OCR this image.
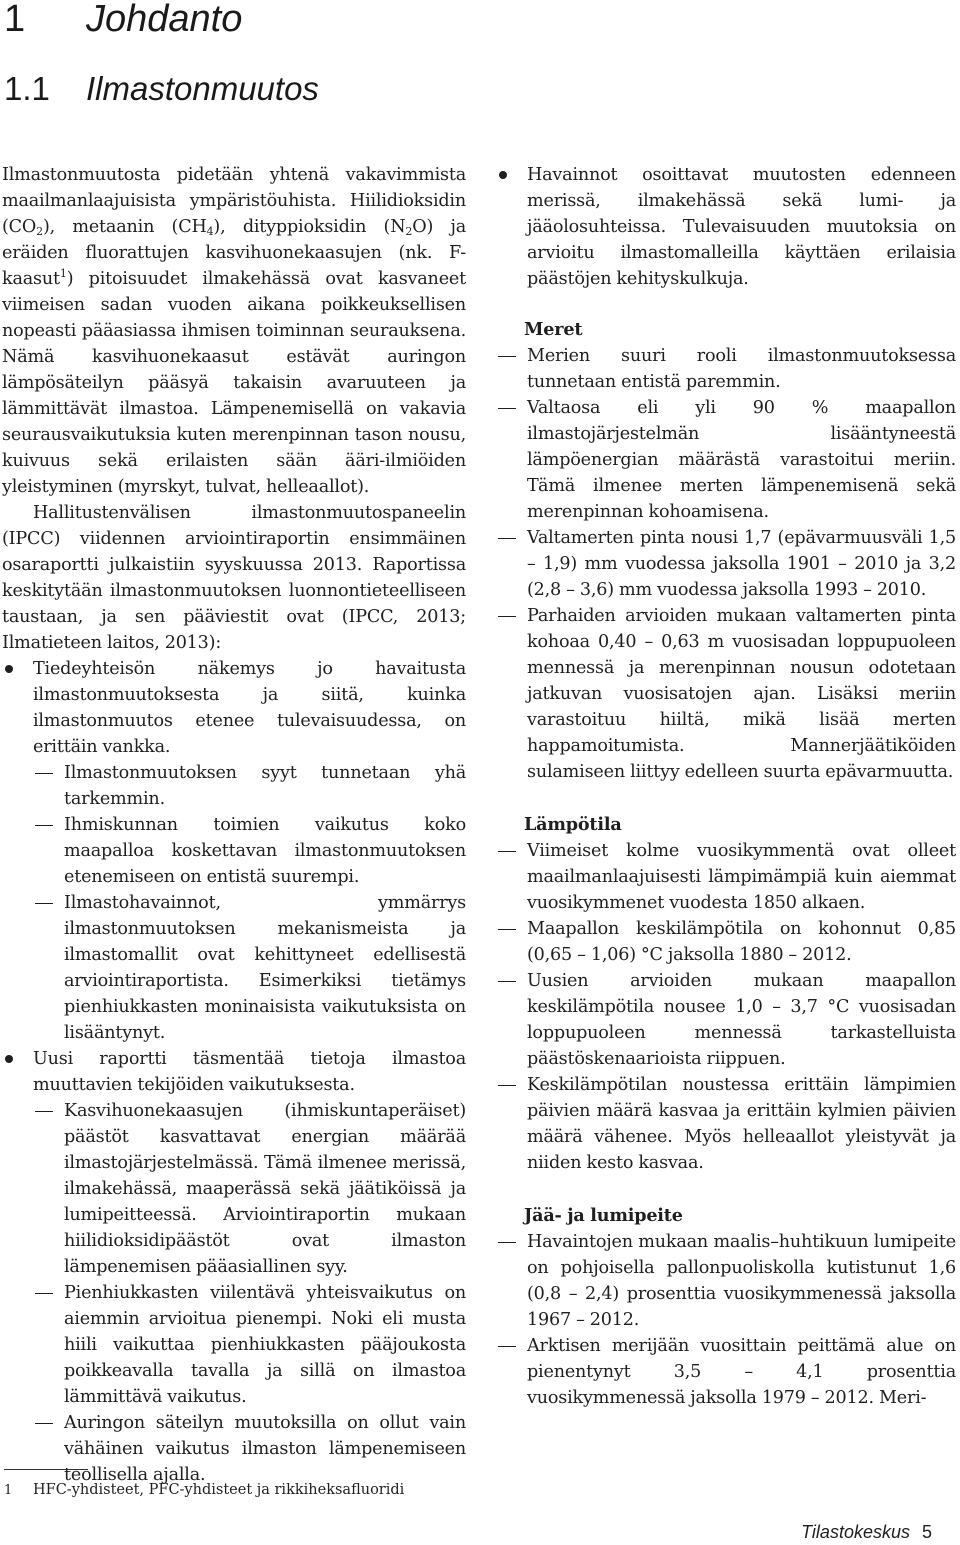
1 Johdanto
1.1 Ilmastonmuutos

Ilmastonmuutosta pidetään yhtenä vakavimmista maailmanlaajuisista ympäristöuhista. Hiilidioksidin $(CO_2)$, metaanin $(CH_4)$, dityppioksidin $(N_2O)$ ja eräiden fluorattujen kasvihuonekaasujen (nk. F-kaasut$^1$) pitoisuudet ilmakehässä ovat kasvaneet viimeisen sadan vuoden aikana poikkeuksellisen nopeasti pääasiassa ihmisen toiminnan seurauksena. Nämä kasvihuonekaasut estävät auringon lämpösäteilyn pääsyä takaisin avaruuteen ja lämmittävät ilmastoa. Lämpenemisellä on vakavia seurausvaikutuksia kuten merenpinnan tason nousu, kuivuus sekä erilaisten sään ääri-ilmiöiden yleistyminen (myrskyt, tulvat, helleaallot).

Hallitustenvälisen ilmastonmuutospaneelin (IPCC) viidennen arviointiraportin ensimmäinen osaraportti julkaistiin syyskuussa 2013. Raportissa keskitytään ilmastonmuutoksen luonnontieteelliseen taustaan, ja sen pääviestit ovat (IPCC, 2013; Ilmatieteen laitos, 2013):

Tiedeyhteisön näkemys jo havaitusta ilmastonmuutoksesta ja siitä, kuinka ilmastonmuutos etenee tulevaisuudessa, on erittäin vankka.
Ilmastonmuutoksen syyt tunnetaan yhä tarkemmin.
Ihmiskunnan toimien vaikutus koko maapalloa koskettavan ilmastonmuutoksen etenemiseen on entistä suurempi.
Ilmastohavainnot, ymmärrys ilmastonmuutoksen mekanismeista ja ilmastomallit ovat kehittyneet edellisestä arviointiraportista. Esimerkiksi tietämys pienhiukkasten moninaisista vaikutuksista on lisääntynyt.
Uusi raportti täsmentää tietoja ilmastoa muuttavien tekijöiden vaikutuksesta.
Kasvihuonekaasujen (ihmiskuntaperäiset) päästöt kasvattavat energian määrää ilmastojärjestelmässä. Tämä ilmenee merissä, ilmakehässä, maaperässä sekä jäätiköissä ja lumipeitteessä. Arviointiraportin mukaan hiilidioksidipäästöt ovat ilmaston lämpenemisen pääasiallinen syy.
Pienhiukkasten viilentävä yhteisvaikutus on aiemmin arvioitua pienempi. Noki eli musta hiili vaikuttaa pienhiukkasten pääjoukosta poikkeavalla tavalla ja sillä on ilmastoa lämmittävä vaikutus.
Auringon säteilyn muutoksilla on ollut vain vähäinen vaikutus ilmaston lämpenemiseen teollisella ajalla.
Havainnot osoittavat muutosten edenneen merissä, ilmakehässä sekä lumi- ja jääolosuhteissa. Tulevaisuuden muutoksia on arvioitu ilmastomalleilla käyttäen erilaisia päästöjen kehityskulkuja.

Meret

Merien suuri rooli ilmastonmuutoksessa tunnetaan entistä paremmin.
Valtaosa eli yli 90 % maapallon ilmastojärjestelmän lisääntyneestä lämpöenergian määrästä varastoitui meriin. Tämä ilmenee merten lämpenemisenä sekä merenpinnan kohoamisena.
Valtamerten pinta nousi 1,7 (epävarmuusväli 1,5 – 1,9) mm vuodessa jaksolla 1901 – 2010 ja 3,2 (2,8 – 3,6) mm vuodessa jaksolla 1993 – 2010.
Parhaiden arvioiden mukaan valtamerten pinta kohoaa 0,40 – 0,63 m vuosisadan loppupuoleen mennessä ja merenpinnan nousun odotetaan jatkuvan vuosisatojen ajan. Lisäksi meriin varastoituu hiiltä, mikä lisää merten happamoitumista. Mannerjäätiköiden sulamiseen liittyy edelleen suurta epävarmuutta.

Lämpötila

Viimeiset kolme vuosikymmentä ovat olleet maailmanlaajuisesti lämpimämpiä kuin aiemmat vuosikymmenet vuodesta 1850 alkaen.
Maapallon keskilämpötila on kohonnut 0,85 (0,65 – 1,06) °C jaksolla 1880 – 2012.
Uusien arvioiden mukaan maapallon keskilämpötila nousee 1,0 – 3,7 °C vuosisadan loppupuoleen mennessä tarkastelluista päästöskenaarioista riippuen.
Keskilämpötilan noustessa erittäin lämpimien päivien määrä kasvaa ja erittäin kylmien päivien määrä vähenee. Myös helleaallot yleistyvät ja niiden kesto kasvaa.

Jää- ja lumipeite

Havaintojen mukaan maalis–huhtikuun lumipeite on pohjoisella pallonpuoliskolla kutistunut 1,6 (0,8 – 2,4) prosenttia vuosikymmenessä jaksolla 1967 – 2012.
Arktisen merijään vuosittain peittämä alue on pienentynyt 3,5 – 4,1 prosenttia vuosikymmenessä jaksolla 1979 – 2012. Meri-
1 HFC-yhdisteet, PFC-yhdisteet ja rikkiheksafluoridi
Tilastokeskus 5
